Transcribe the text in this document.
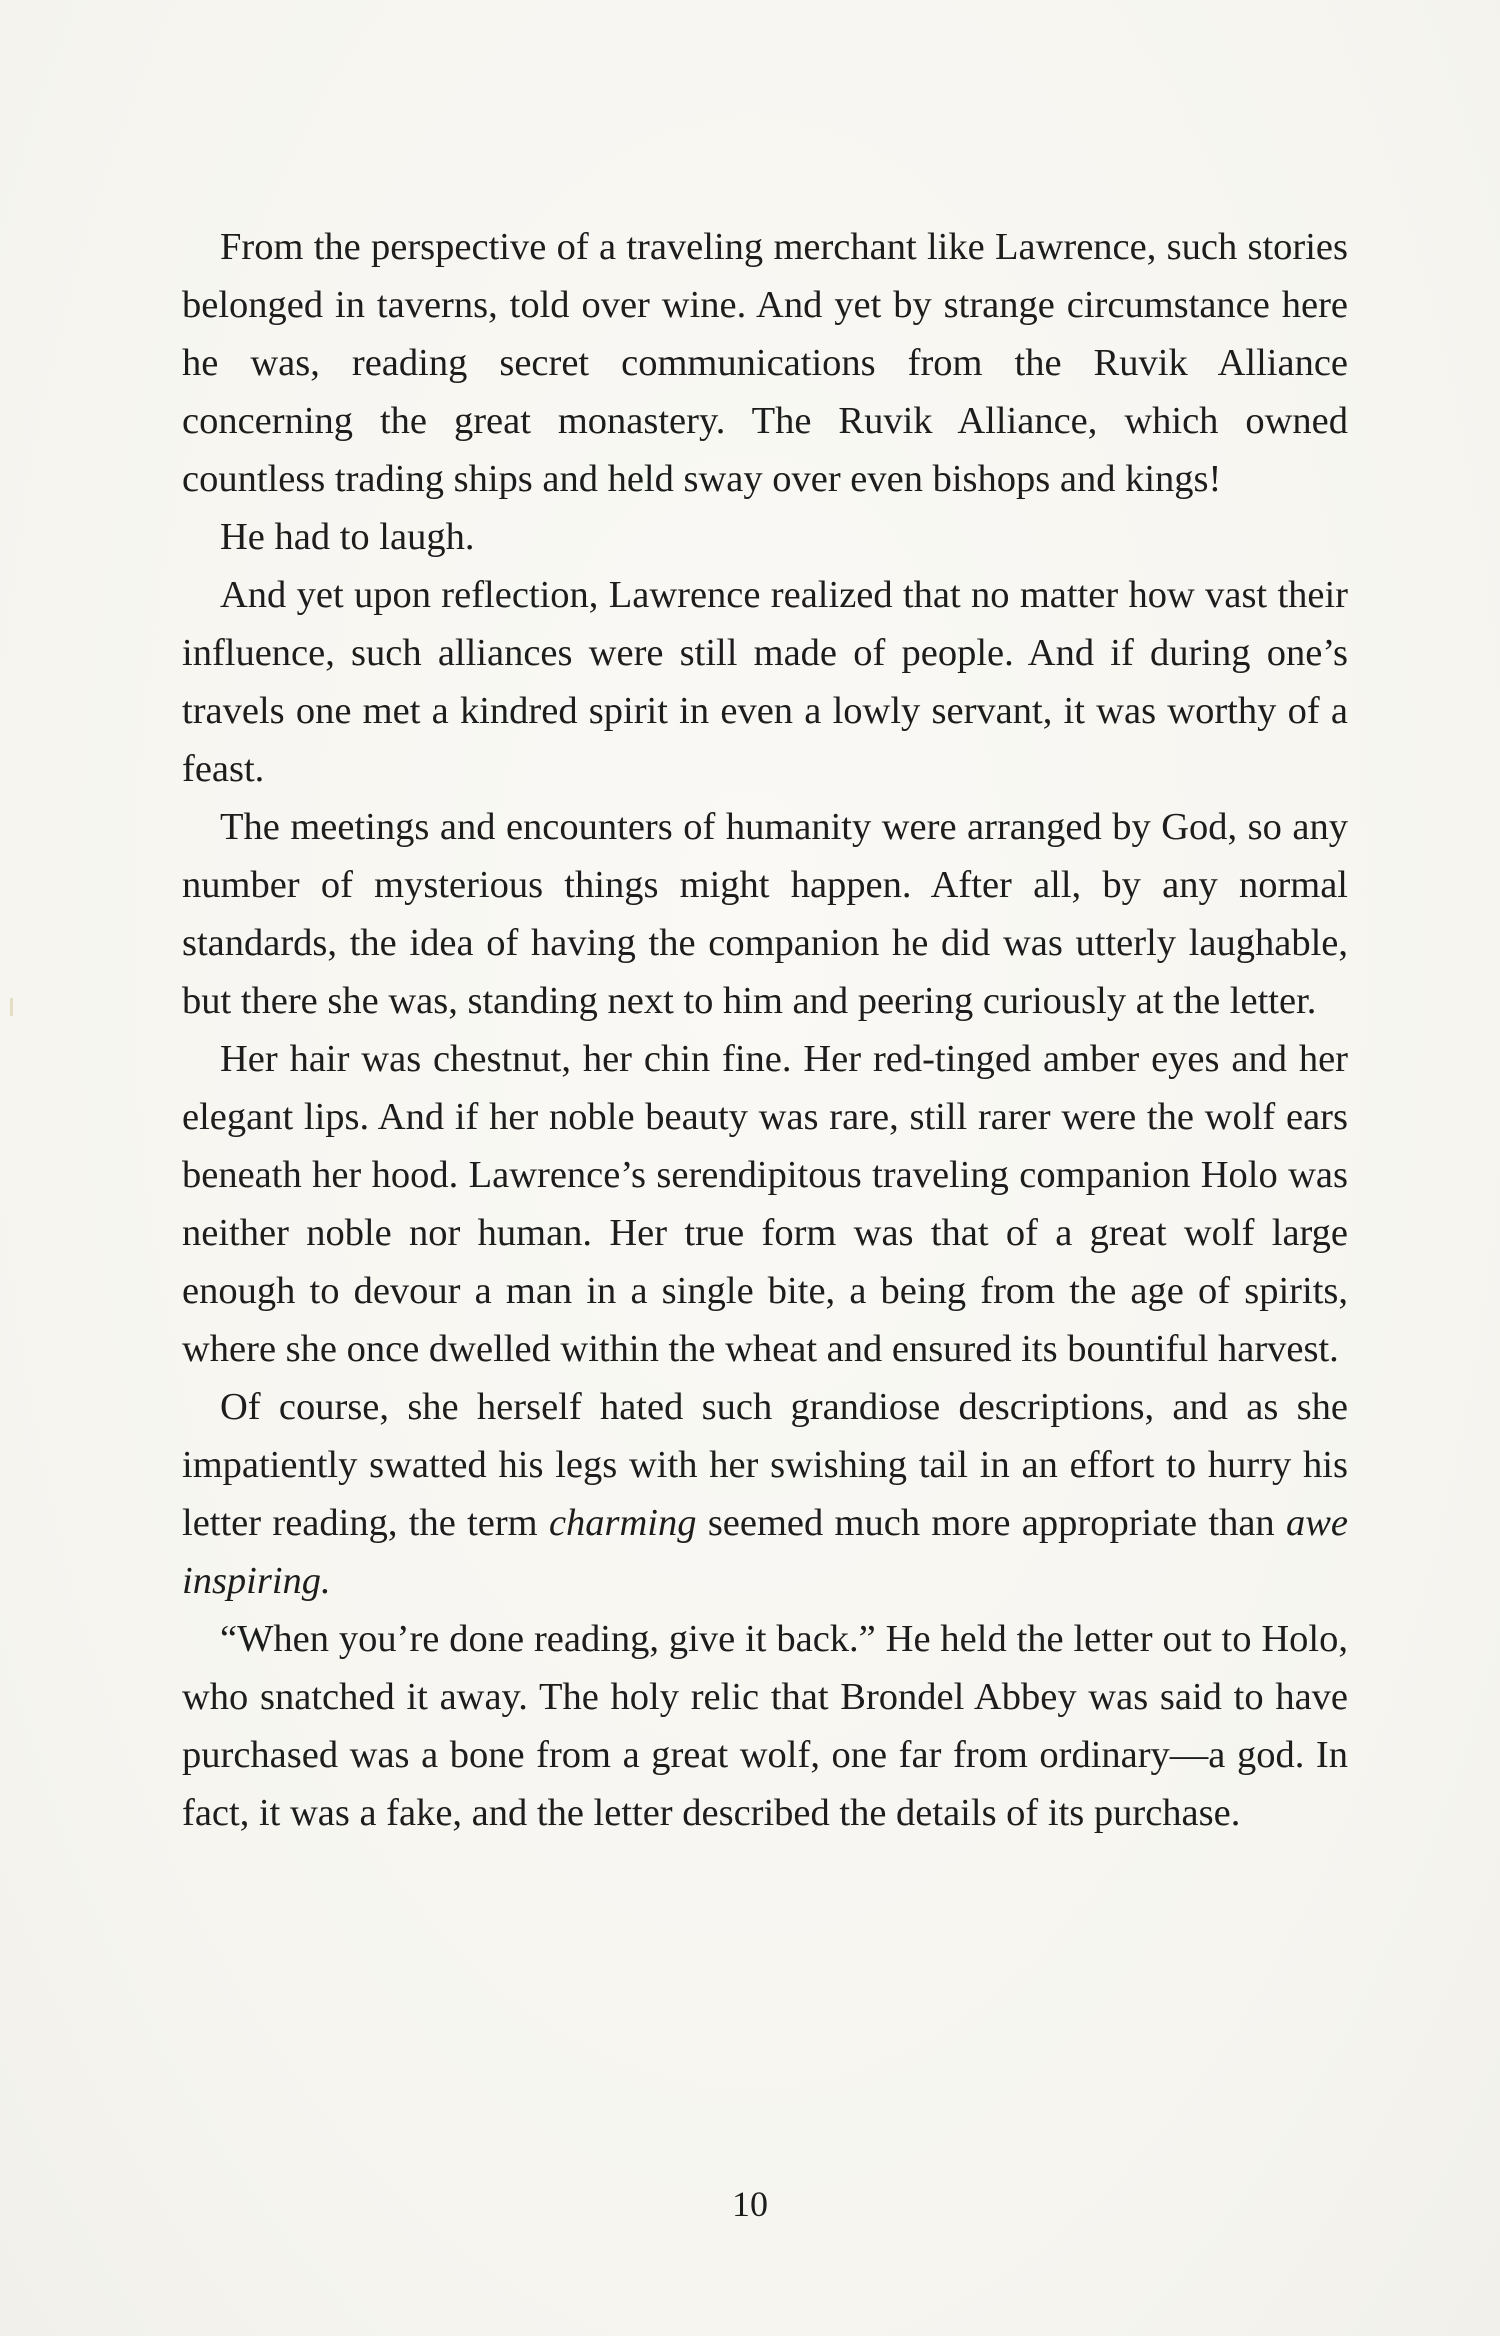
From the perspective of a traveling merchant like Lawrence, such stories belonged in taverns, told over wine. And yet by strange circumstance here he was, reading secret communications from the Ruvik Alliance concerning the great monastery. The Ruvik Alliance, which owned countless trading ships and held sway over even bishops and kings!

He had to laugh.

And yet upon reflection, Lawrence realized that no matter how vast their influence, such alliances were still made of people. And if during one’s travels one met a kindred spirit in even a lowly servant, it was worthy of a feast.

The meetings and encounters of humanity were arranged by God, so any number of mysterious things might happen. After all, by any normal standards, the idea of having the companion he did was utterly laughable, but there she was, standing next to him and peering curiously at the letter.

Her hair was chestnut, her chin fine. Her red-tinged amber eyes and her elegant lips. And if her noble beauty was rare, still rarer were the wolf ears beneath her hood. Lawrence’s serendipitous traveling companion Holo was neither noble nor human. Her true form was that of a great wolf large enough to devour a man in a single bite, a being from the age of spirits, where she once dwelled within the wheat and ensured its bountiful harvest.

Of course, she herself hated such grandiose descriptions, and as she impatiently swatted his legs with her swishing tail in an effort to hurry his letter reading, the term charming seemed much more appropriate than awe inspiring.

“When you’re done reading, give it back.” He held the letter out to Holo, who snatched it away. The holy relic that Brondel Abbey was said to have purchased was a bone from a great wolf, one far from ordinary—a god. In fact, it was a fake, and the letter described the details of its purchase.

10
